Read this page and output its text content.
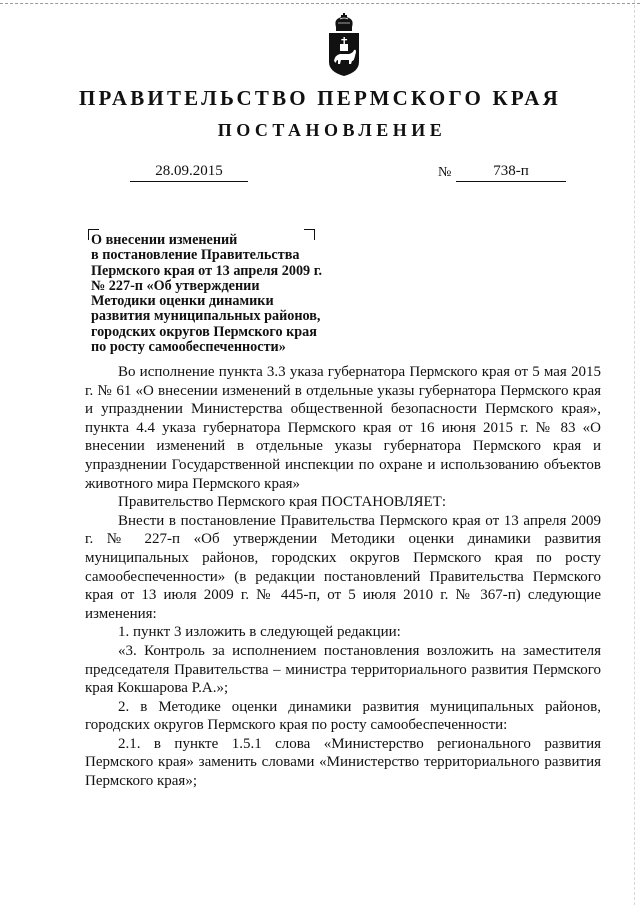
ПРАВИТЕЛЬСТВО ПЕРМСКОГО КРАЯ
ПОСТАНОВЛЕНИЕ
28.09.2015	№	738-п
О внесении изменений
в постановление Правительства
Пермского края от 13 апреля 2009 г.
№ 227-п «Об утверждении
Методики оценки динамики
развития муниципальных районов,
городских округов Пермского края
по росту самообеспеченности»

Во исполнение пункта 3.3 указа губернатора Пермского края от 5 мая 2015 г. № 61 «О внесении изменений в отдельные указы губернатора Пермского края и упразднении Министерства общественной безопасности Пермского края», пункта 4.4 указа губернатора Пермского края от 16 июня 2015 г. № 83 «О внесении изменений в отдельные указы губернатора Пермского края и упразднении Государственной инспекции по охране и использованию объектов животного мира Пермского края»

Правительство Пермского края ПОСТАНОВЛЯЕТ:

Внести в постановление Правительства Пермского края от 13 апреля 2009 г. № 227-п «Об утверждении Методики оценки динамики развития муниципальных районов, городских округов Пермского края по росту самообеспеченности» (в редакции постановлений Правительства Пермского края от 13 июля 2009 г. № 445-п, от 5 июля 2010 г. № 367-п) следующие изменения:

1. пункт 3 изложить в следующей редакции:

«3. Контроль за исполнением постановления возложить на заместителя председателя Правительства – министра территориального развития Пермского края Кокшарова Р.А.»;

2. в Методике оценки динамики развития муниципальных районов, городских округов Пермского края по росту самообеспеченности:

2.1. в пункте 1.5.1 слова «Министерство регионального развития Пермского края» заменить словами «Министерство территориального развития Пермского края»;
